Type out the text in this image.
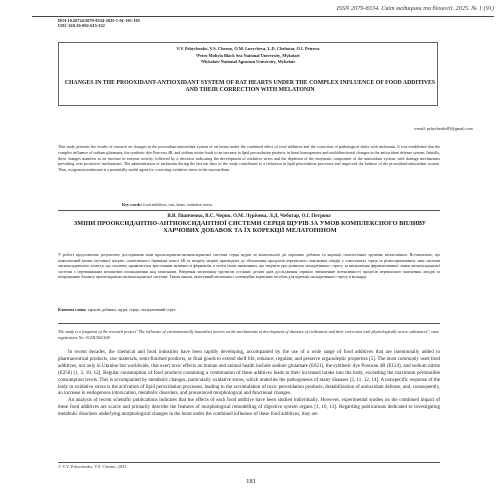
ISSN 2079-8334. Світ медицини та біології. 2025. № 1 (91)
DOI 10.26724/2079-8334-2025-1-91-181-185
UDC 616.36-002-615-322
V.V. Pshychenko, V.S. Cherno, O.M. Lurycheva, L.D. Chebotar, O.I. Petrova
¹Petro Mohyla Black Sea National University, Mykolaiv
²Mykolaiv National Agrarian University, Mykolaiv
CHANGES IN THE PROOXIDANT-ANTIOXIDANT SYSTEM OF RAT HEARTS UNDER THE COMPLEX INFLUENCE OF FOOD ADDITIVES AND THEIR CORRECTION WITH MELATONIN
e-mail: pshychenko85@gmail.com
This study presents the results of research on changes in the prooxidant-antioxidant system of rat hearts under the combined effect of food additives and the correction of pathological shifts with melatonin. It was established that the complex influence of sodium glutamate, the synthetic dye Ponceau 4R, and sodium nitrite leads to an increase in lipid peroxidation products in heart homogenates and multidirectional changes in the antioxidant defense system. Initially, these changes manifest as an increase in enzyme activity, followed by a decrease, indicating the development of oxidative stress and the depletion of the enzymatic component of the antioxidant system, with damage mechanisms prevailing over protective mechanisms. The administration of melatonin during the last ten days of the study contributed to a reduction in lipid peroxidation processes and improved the balance of the prooxidant-antioxidant system. Thus, exogenous melatonin is a potentially useful agent for correcting oxidative stress in the myocardium.
Key words: food additives, rats, heart, oxidative stress.
В.В. Пшиченко, В.С. Черно, О.М. Лурічева, Л.Д. Чеботар, О.І. Петрова
ЗМІНИ ПРООКСИДАНТНО-АНТИОКСИДАНТНОЇ СИСТЕМИ СЕРЦЯ ЩУРІВ ЗА УМОВ КОМПЛЕКСНОГО ВПЛИВУ ХАРЧОВИХ ДОБАВОК ТА ЇХ КОРЕКЦІЇ МЕЛАТОНІНОМ
У роботі представлено результати дослідження змін прооксидантно-антиоксидантної системи серця щурів за комплексної дії харчових добавок та корекції патологічних зрушень мелатоніном. Встановлено, що комплексний вплив глутамату натрію, синтетичного барвника понсо 4R та нітриту натрію призводить до збільшення продуктів перекисного окиснення ліпідів у гомогенатах серця та різноспрямованих змін системи антиоксидантного захисту, що спочатку проявляється зростанням активності ферментів, а потім їхнім зниженням, що свідчить про розвиток оксидативного стресу та виснаження ферментативної ланки антиоксидантної системи з переважанням механізмів пошкодження над захисними. Введення мелатоніну протягом останніх десяти днів дослідження сприяло зменшенню інтенсивності процесів перекисного окиснення ліпідів та покращенню балансу прооксидантно-антиоксидантної системи. Таким чином, екзогенний мелатонін є потенційно корисним засобом для корекції оксидативного стресу в міокарді.
Ключові слова: харчові добавки, щури, серце, оксидативний стрес.
The study is a fragment of the research project "The influence of environmentally hazardous factors on the mechanisms of development of diseases of civilization and their correction with physiologically active substances", state registration No. 0124U002168.

In recent decades, the chemical and food industries have been rapidly developing, accompanied by the use of a wide range of food additives that are intentionally added to pharmaceutical products, raw materials, semi-finished products, or final goods to extend shelf life, enhance, regulate, and preserve organoleptic properties [5]. The most commonly used food additives, not only in Ukraine but worldwide, that exert toxic effects on human and animal health include sodium glutamate (E621), the synthetic dye Ponceau 4R (E124), and sodium nitrite (E250) [1, 2, 10, 12]. Regular consumption of food products containing a combination of these additives leads to their increased intake into the body, exceeding the maximum permissible consumption levels. This is accompanied by metabolic changes, particularly oxidative stress, which underlies the pathogenesis of many diseases [2, 11, 12, 14]. A nonspecific response of the body to oxidative stress is the activation of lipid peroxidation processes, leading to the accumulation of toxic peroxidation products, destabilization of antioxidant defense, and, consequently, an increase in endogenous intoxication, metabolic disorders, and pronounced morphological and functional changes.

An analysis of recent scientific publications indicates that the effects of each food additive have been studied individually. However, experimental studies on the combined impact of these food additives are scarce and primarily describe the features of morphological remodelling of digestive system organs [1, 10, 13]. Regarding publications dedicated to investigating metabolic disorders underlying morphological changes in the heart under the combined influence of these food additives, they are

© V.V. Pshychenko, V.S. Cherno, 2025
181
